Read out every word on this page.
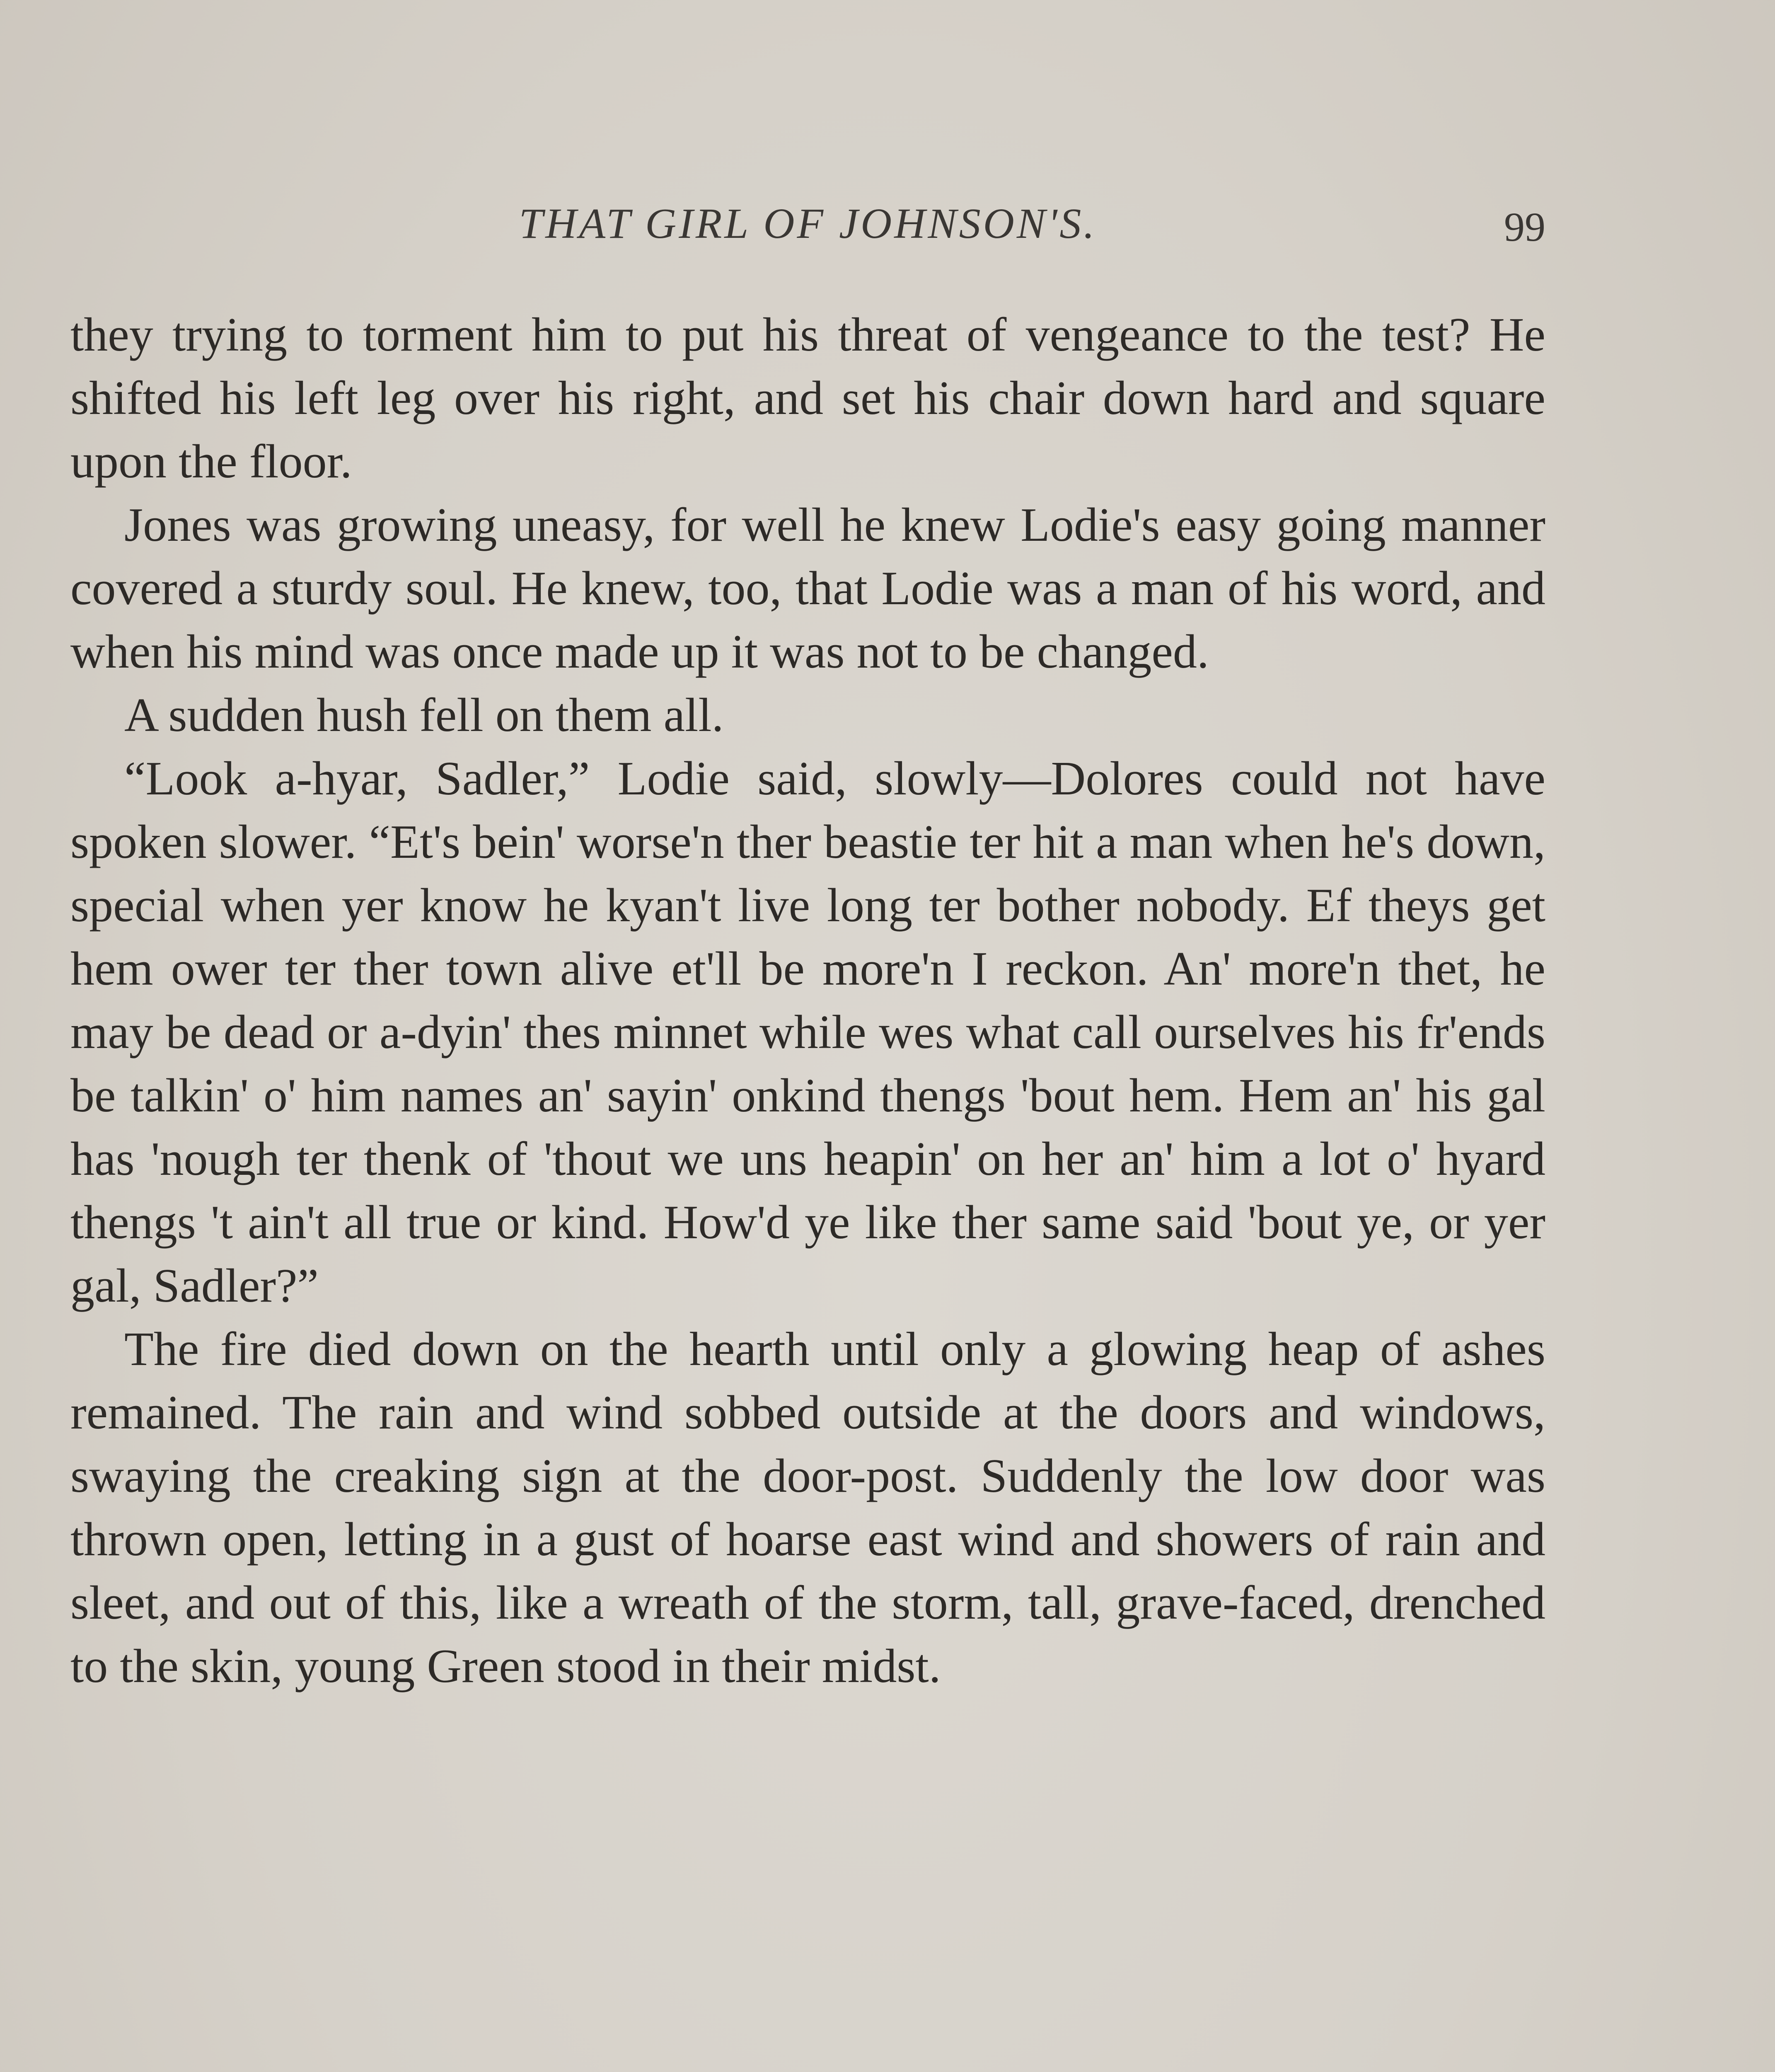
THAT GIRL OF JOHNSON'S.	99

they trying to torment him to put his threat of vengeance to the test? He shifted his left leg over his right, and set his chair down hard and square upon the floor.

Jones was growing uneasy, for well he knew Lodie's easy going manner covered a sturdy soul. He knew, too, that Lodie was a man of his word, and when his mind was once made up it was not to be changed.

A sudden hush fell on them all.

“Look a-hyar, Sadler,” Lodie said, slowly—Dolores could not have spoken slower. “Et's bein' worse'n ther beastie ter hit a man when he's down, special when yer know he kyan't live long ter bother nobody. Ef theys get hem ower ter ther town alive et'll be more'n I reckon. An' more'n thet, he may be dead or a-dyin' thes minnet while wes what call ourselves his fr'ends be talkin' o' him names an' sayin' onkind thengs 'bout hem. Hem an' his gal has 'nough ter thenk of 'thout we uns heapin' on her an' him a lot o' hyard thengs 't ain't all true or kind. How'd ye like ther same said 'bout ye, or yer gal, Sadler?”

The fire died down on the hearth until only a glowing heap of ashes remained. The rain and wind sobbed outside at the doors and windows, swaying the creaking sign at the door-post. Suddenly the low door was thrown open, letting in a gust of hoarse east wind and showers of rain and sleet, and out of this, like a wreath of the storm, tall, grave-faced, drenched to the skin, young Green stood in their midst.
